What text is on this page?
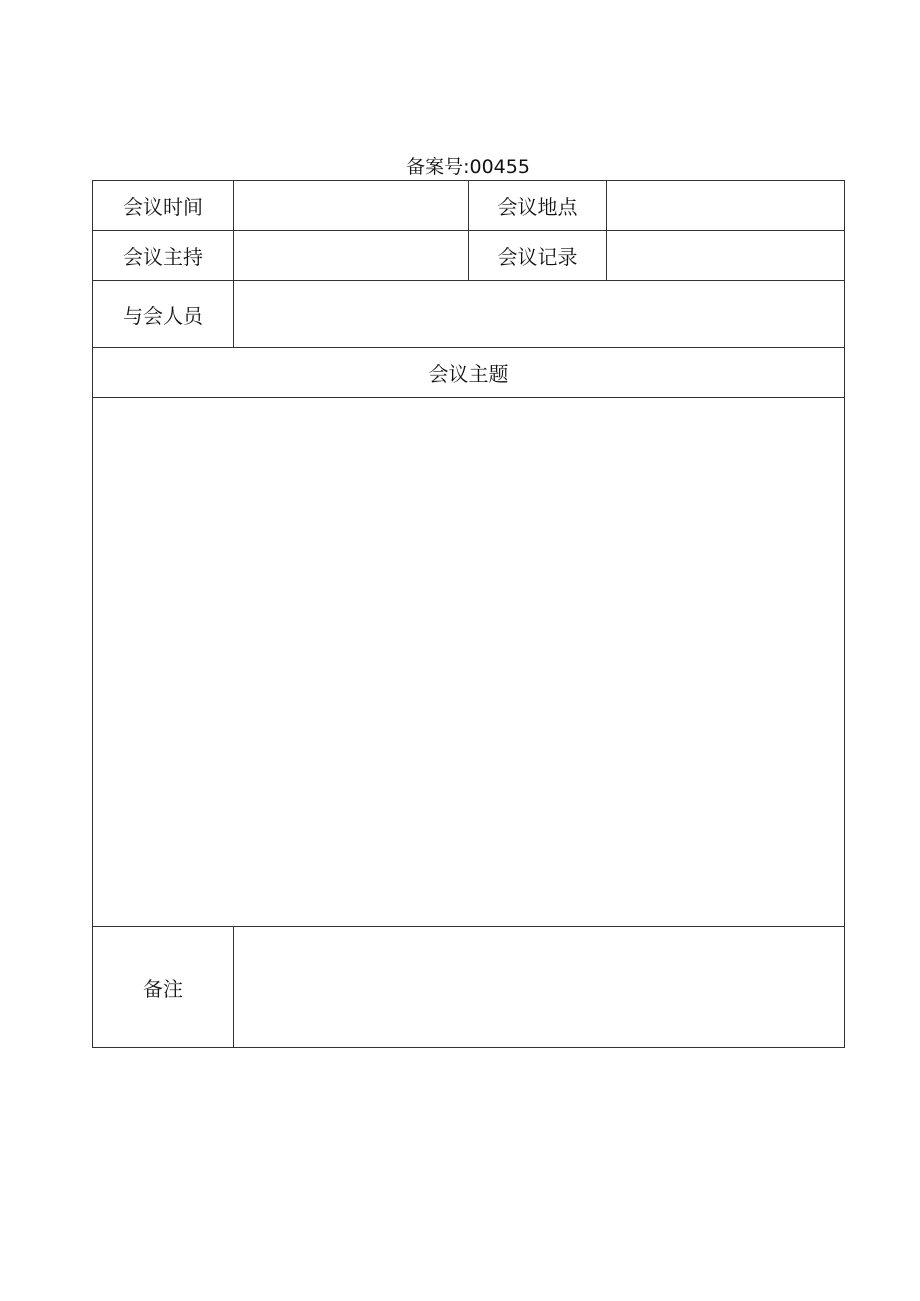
备案号:00455
会议时间		会议地点	
会议主持		会议记录	
与会人员			
会议主题			

备注			
